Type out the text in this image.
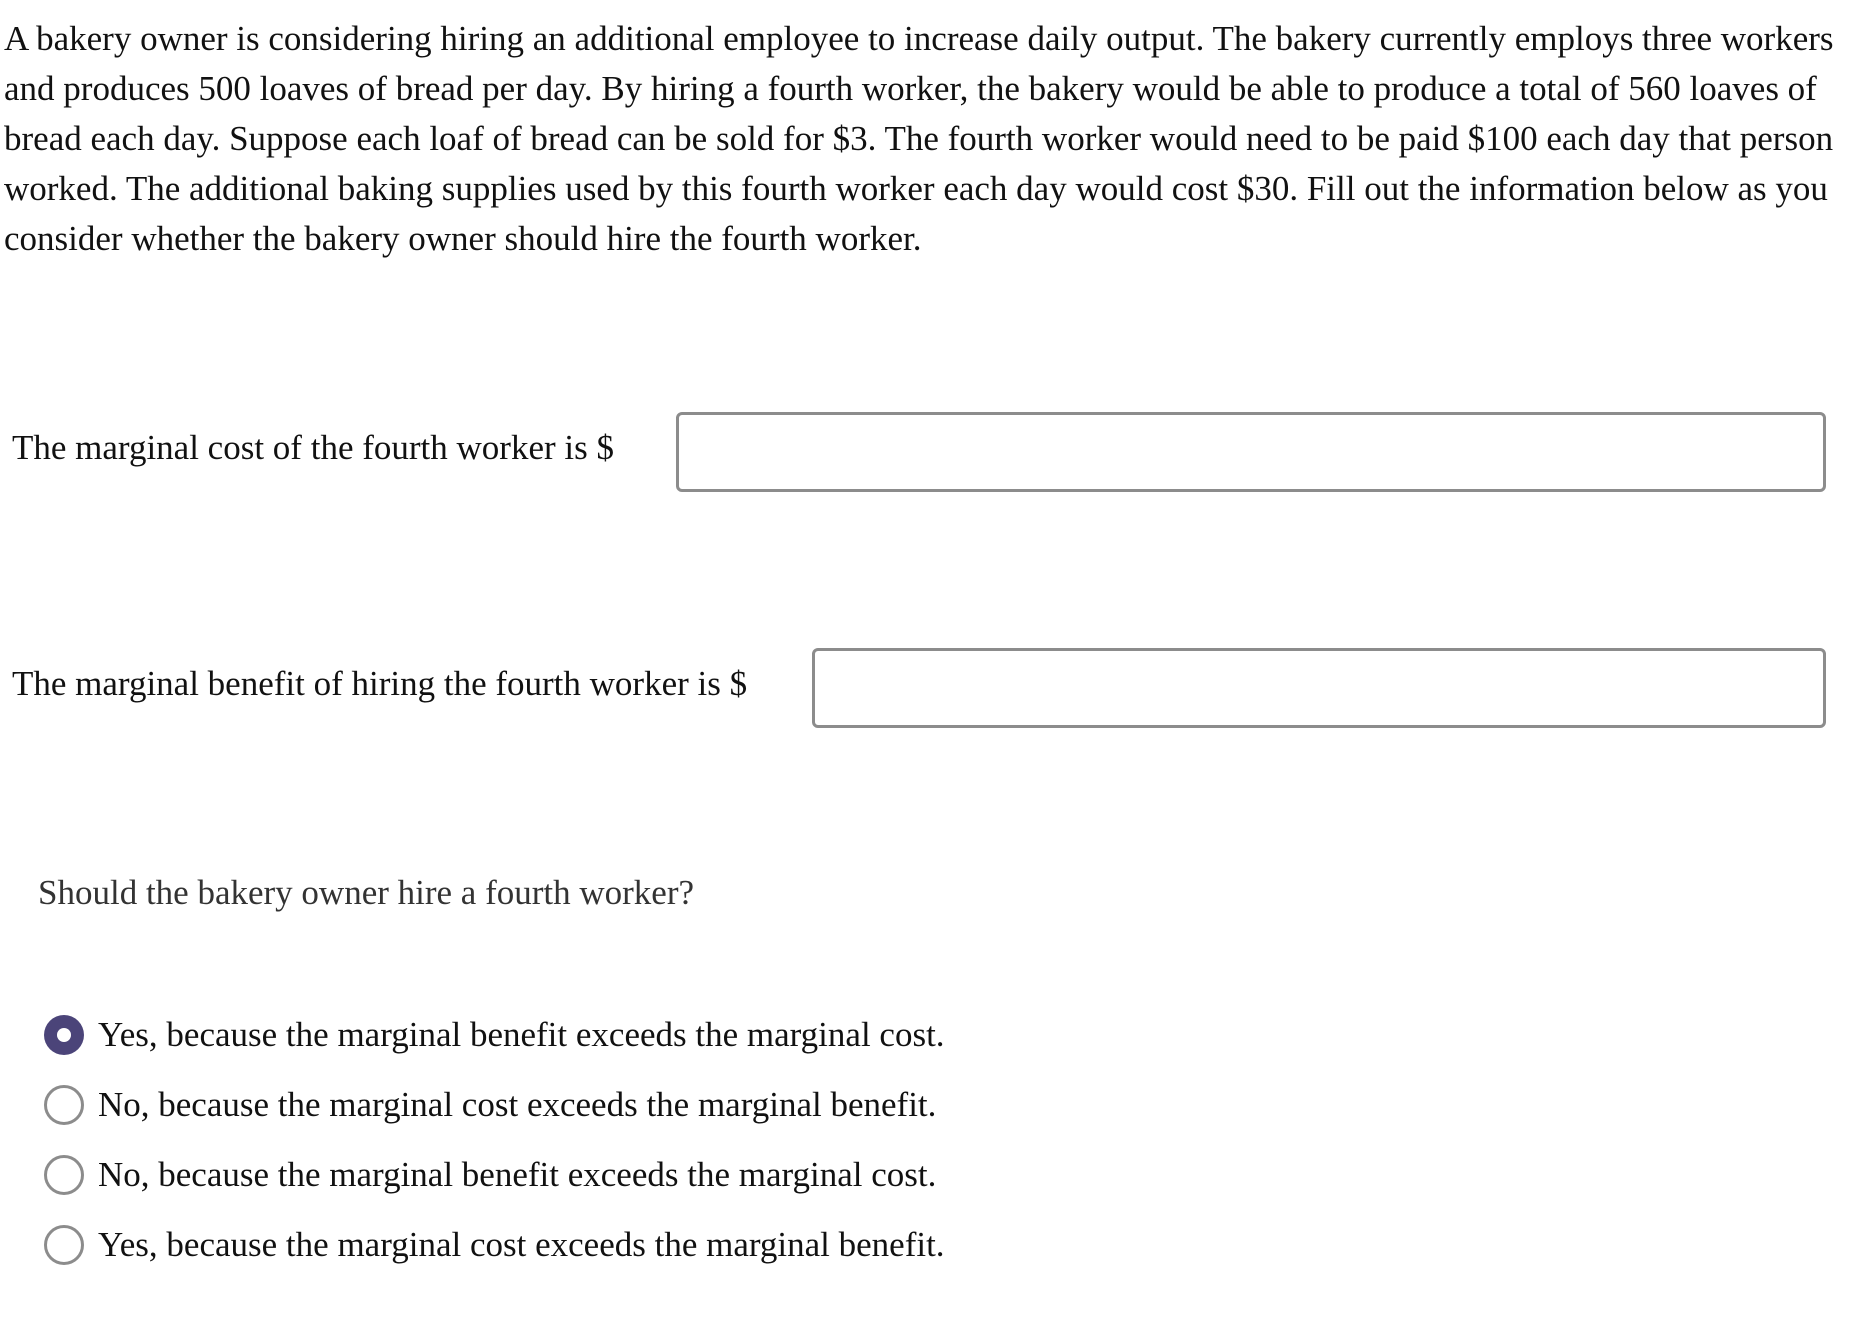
A bakery owner is considering hiring an additional employee to increase daily output. The bakery currently employs three workers and produces 500 loaves of bread per day. By hiring a fourth worker, the bakery would be able to produce a total of 560 loaves of bread each day. Suppose each loaf of bread can be sold for $3. The fourth worker would need to be paid $100 each day that person worked. The additional baking supplies used by this fourth worker each day would cost $30. Fill out the information below as you consider whether the bakery owner should hire the fourth worker.

The marginal cost of the fourth worker is $
The marginal benefit of hiring the fourth worker is $

Should the bakery owner hire a fourth worker?

Yes, because the marginal benefit exceeds the marginal cost.
No, because the marginal cost exceeds the marginal benefit.
No, because the marginal benefit exceeds the marginal cost.
Yes, because the marginal cost exceeds the marginal benefit.
